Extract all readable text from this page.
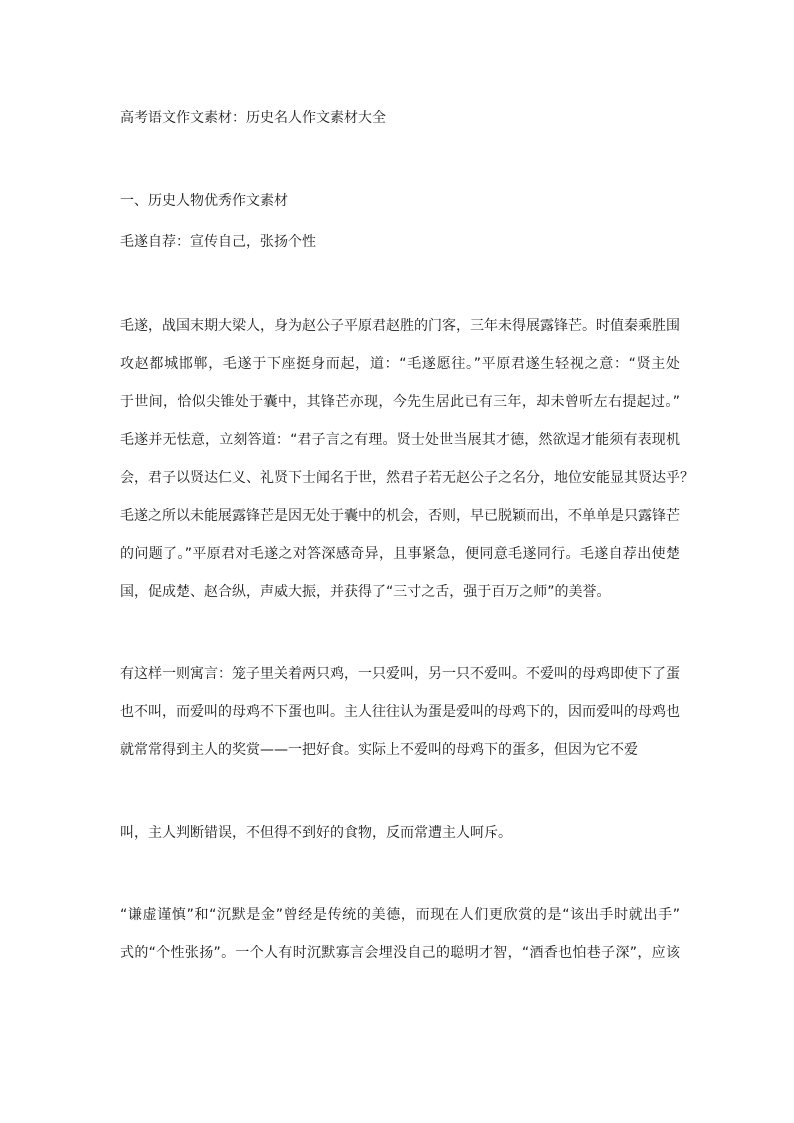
高考语文作文素材：历史名人作文素材大全
一、历史人物优秀作文素材
毛遂自荐：宣传自己，张扬个性
毛遂，战国末期大梁人，身为赵公子平原君赵胜的门客，三年未得展露锋芒。时值秦乘胜围
攻赵都城邯郸，毛遂于下座挺身而起，道：“毛遂愿往。”平原君遂生轻视之意：“贤主处
于世间，恰似尖锥处于囊中，其锋芒亦现，今先生居此已有三年，却未曾听左右提起过。”
毛遂并无怯意，立刻答道：“君子言之有理。贤士处世当展其才德，然欲逞才能须有表现机
会，君子以贤达仁义、礼贤下士闻名于世，然君子若无赵公子之名分，地位安能显其贤达乎？
毛遂之所以未能展露锋芒是因无处于囊中的机会，否则，早已脱颖而出，不单单是只露锋芒
的问题了。”平原君对毛遂之对答深感奇异，且事紧急，便同意毛遂同行。毛遂自荐出使楚
国，促成楚、赵合纵，声威大振，并获得了“三寸之舌，强于百万之师”的美誉。
有这样一则寓言：笼子里关着两只鸡，一只爱叫，另一只不爱叫。不爱叫的母鸡即使下了蛋
也不叫，而爱叫的母鸡不下蛋也叫。主人往往认为蛋是爱叫的母鸡下的，因而爱叫的母鸡也
就常常得到主人的奖赏——一把好食。实际上不爱叫的母鸡下的蛋多，但因为它不爱
叫，主人判断错误，不但得不到好的食物，反而常遭主人呵斥。
“谦虚谨慎”和“沉默是金”曾经是传统的美德，而现在人们更欣赏的是“该出手时就出手”
式的“个性张扬”。一个人有时沉默寡言会埋没自己的聪明才智，“酒香也怕巷子深”，应该
